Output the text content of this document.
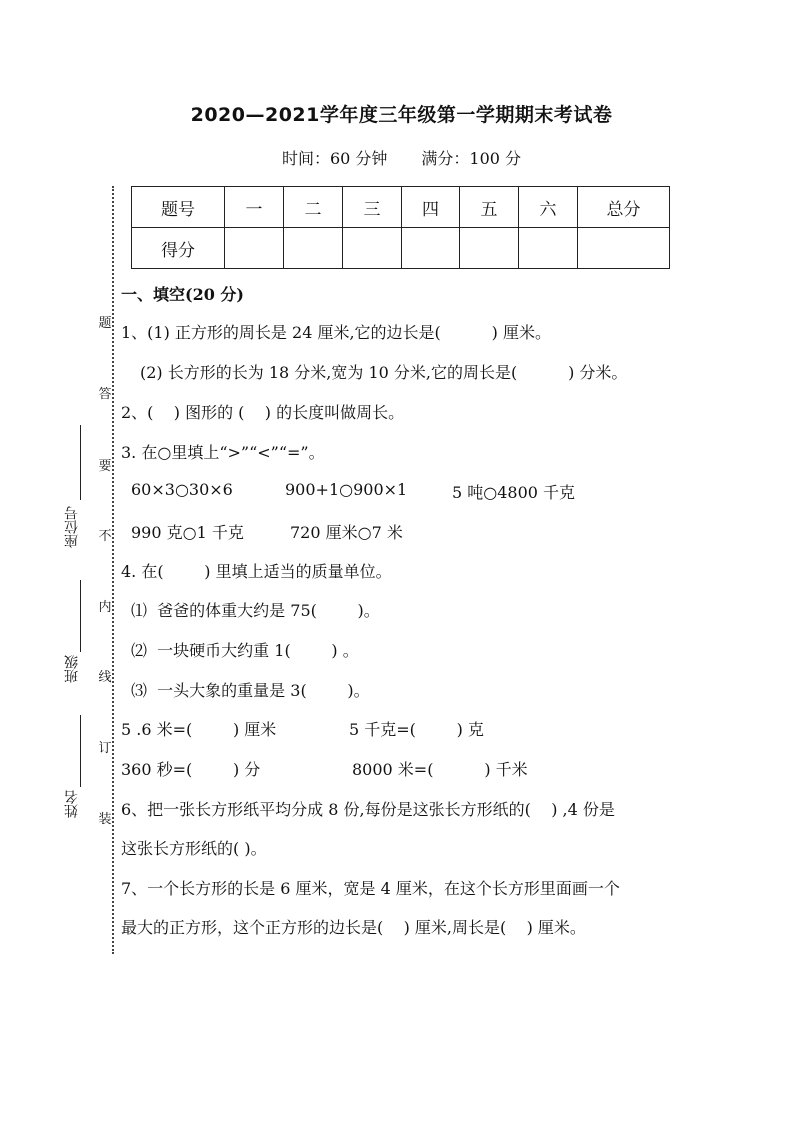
2020—2021学年度三年级第一学期期末考试卷
时间：60 分钟 满分：100 分
题
答
要
不
内
线
订
装
座位号
班级
姓名
题号	一	二	三	四	五	六	总分
得分							
一、填空(20 分)
1、(1) 正方形的周长是 24 厘米,它的边长是(          ) 厘米。
(2) 长方形的长为 18 分米,宽为 10 分米,它的周长是(          ) 分米。
2、(    ) 图形的 (    ) 的长度叫做周长。
3. 在○里填上“>”“<”“=”。
60×3○30×6	900+1○900×1	5 吨○4800 千克
990 克○1 千克	720 厘米○7 米
4. 在(        ) 里填上适当的质量单位。
⑴  爸爸的体重大约是 75(        )。
⑵  一块硬币大约重 1(        ) 。
⑶  一头大象的重量是 3(        )。
5 .6 米=(        ) 厘米	5 千克=(        ) 克
360 秒=(        ) 分	8000 米=(          ) 千米
6、把一张长方形纸平均分成 8 份,每份是这张长方形纸的(    ) ,4 份是
这张长方形纸的( )。
7、一个长方形的长是 6 厘米，宽是 4 厘米，在这个长方形里面画一个
最大的正方形，这个正方形的边长是(    ) 厘米,周长是(    ) 厘米。
